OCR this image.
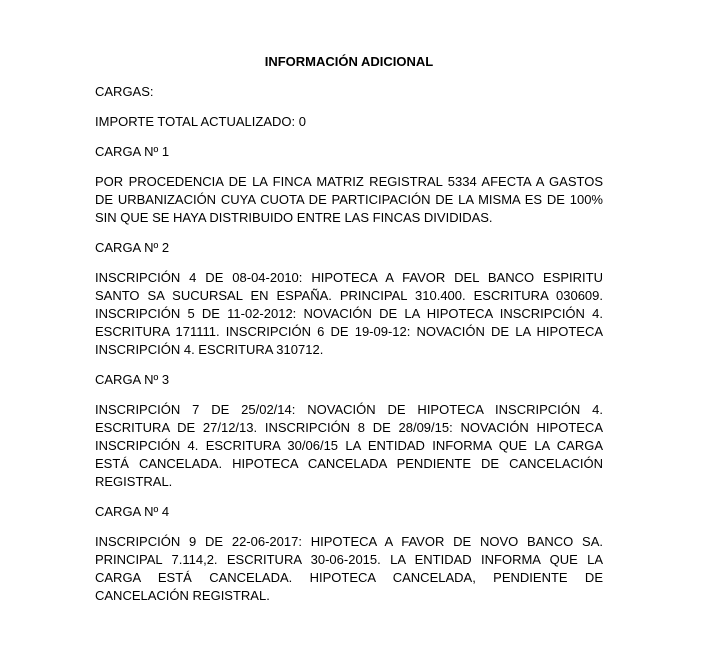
INFORMACIÓN ADICIONAL

CARGAS:

IMPORTE TOTAL ACTUALIZADO: 0

CARGA Nº 1

POR PROCEDENCIA DE LA FINCA MATRIZ REGISTRAL 5334 AFECTA A GASTOS
DE URBANIZACIÓN CUYA CUOTA DE PARTICIPACIÓN DE LA MISMA ES DE 100%
SIN QUE SE HAYA DISTRIBUIDO ENTRE LAS FINCAS DIVIDIDAS.

CARGA Nº 2

INSCRIPCIÓN 4 DE 08-04-2010: HIPOTECA A FAVOR DEL BANCO ESPIRITU
SANTO SA SUCURSAL EN ESPAÑA. PRINCIPAL 310.400. ESCRITURA 030609.
INSCRIPCIÓN 5 DE 11-02-2012: NOVACIÓN DE LA HIPOTECA INSCRIPCIÓN 4.
ESCRITURA 171111. INSCRIPCIÓN 6 DE 19-09-12: NOVACIÓN DE LA HIPOTECA
INSCRIPCIÓN 4. ESCRITURA 310712.

CARGA Nº 3

INSCRIPCIÓN 7 DE 25/02/14: NOVACIÓN DE HIPOTECA INSCRIPCIÓN 4.
ESCRITURA DE 27/12/13. INSCRIPCIÓN 8 DE 28/09/15: NOVACIÓN HIPOTECA
INSCRIPCIÓN 4. ESCRITURA 30/06/15 LA ENTIDAD INFORMA QUE LA CARGA
ESTÁ CANCELADA. HIPOTECA CANCELADA PENDIENTE DE CANCELACIÓN
REGISTRAL.

CARGA Nº 4

INSCRIPCIÓN 9 DE 22-06-2017: HIPOTECA A FAVOR DE NOVO BANCO SA.
PRINCIPAL 7.114,2. ESCRITURA 30-06-2015. LA ENTIDAD INFORMA QUE LA
CARGA ESTÁ CANCELADA. HIPOTECA CANCELADA, PENDIENTE DE
CANCELACIÓN REGISTRAL.
